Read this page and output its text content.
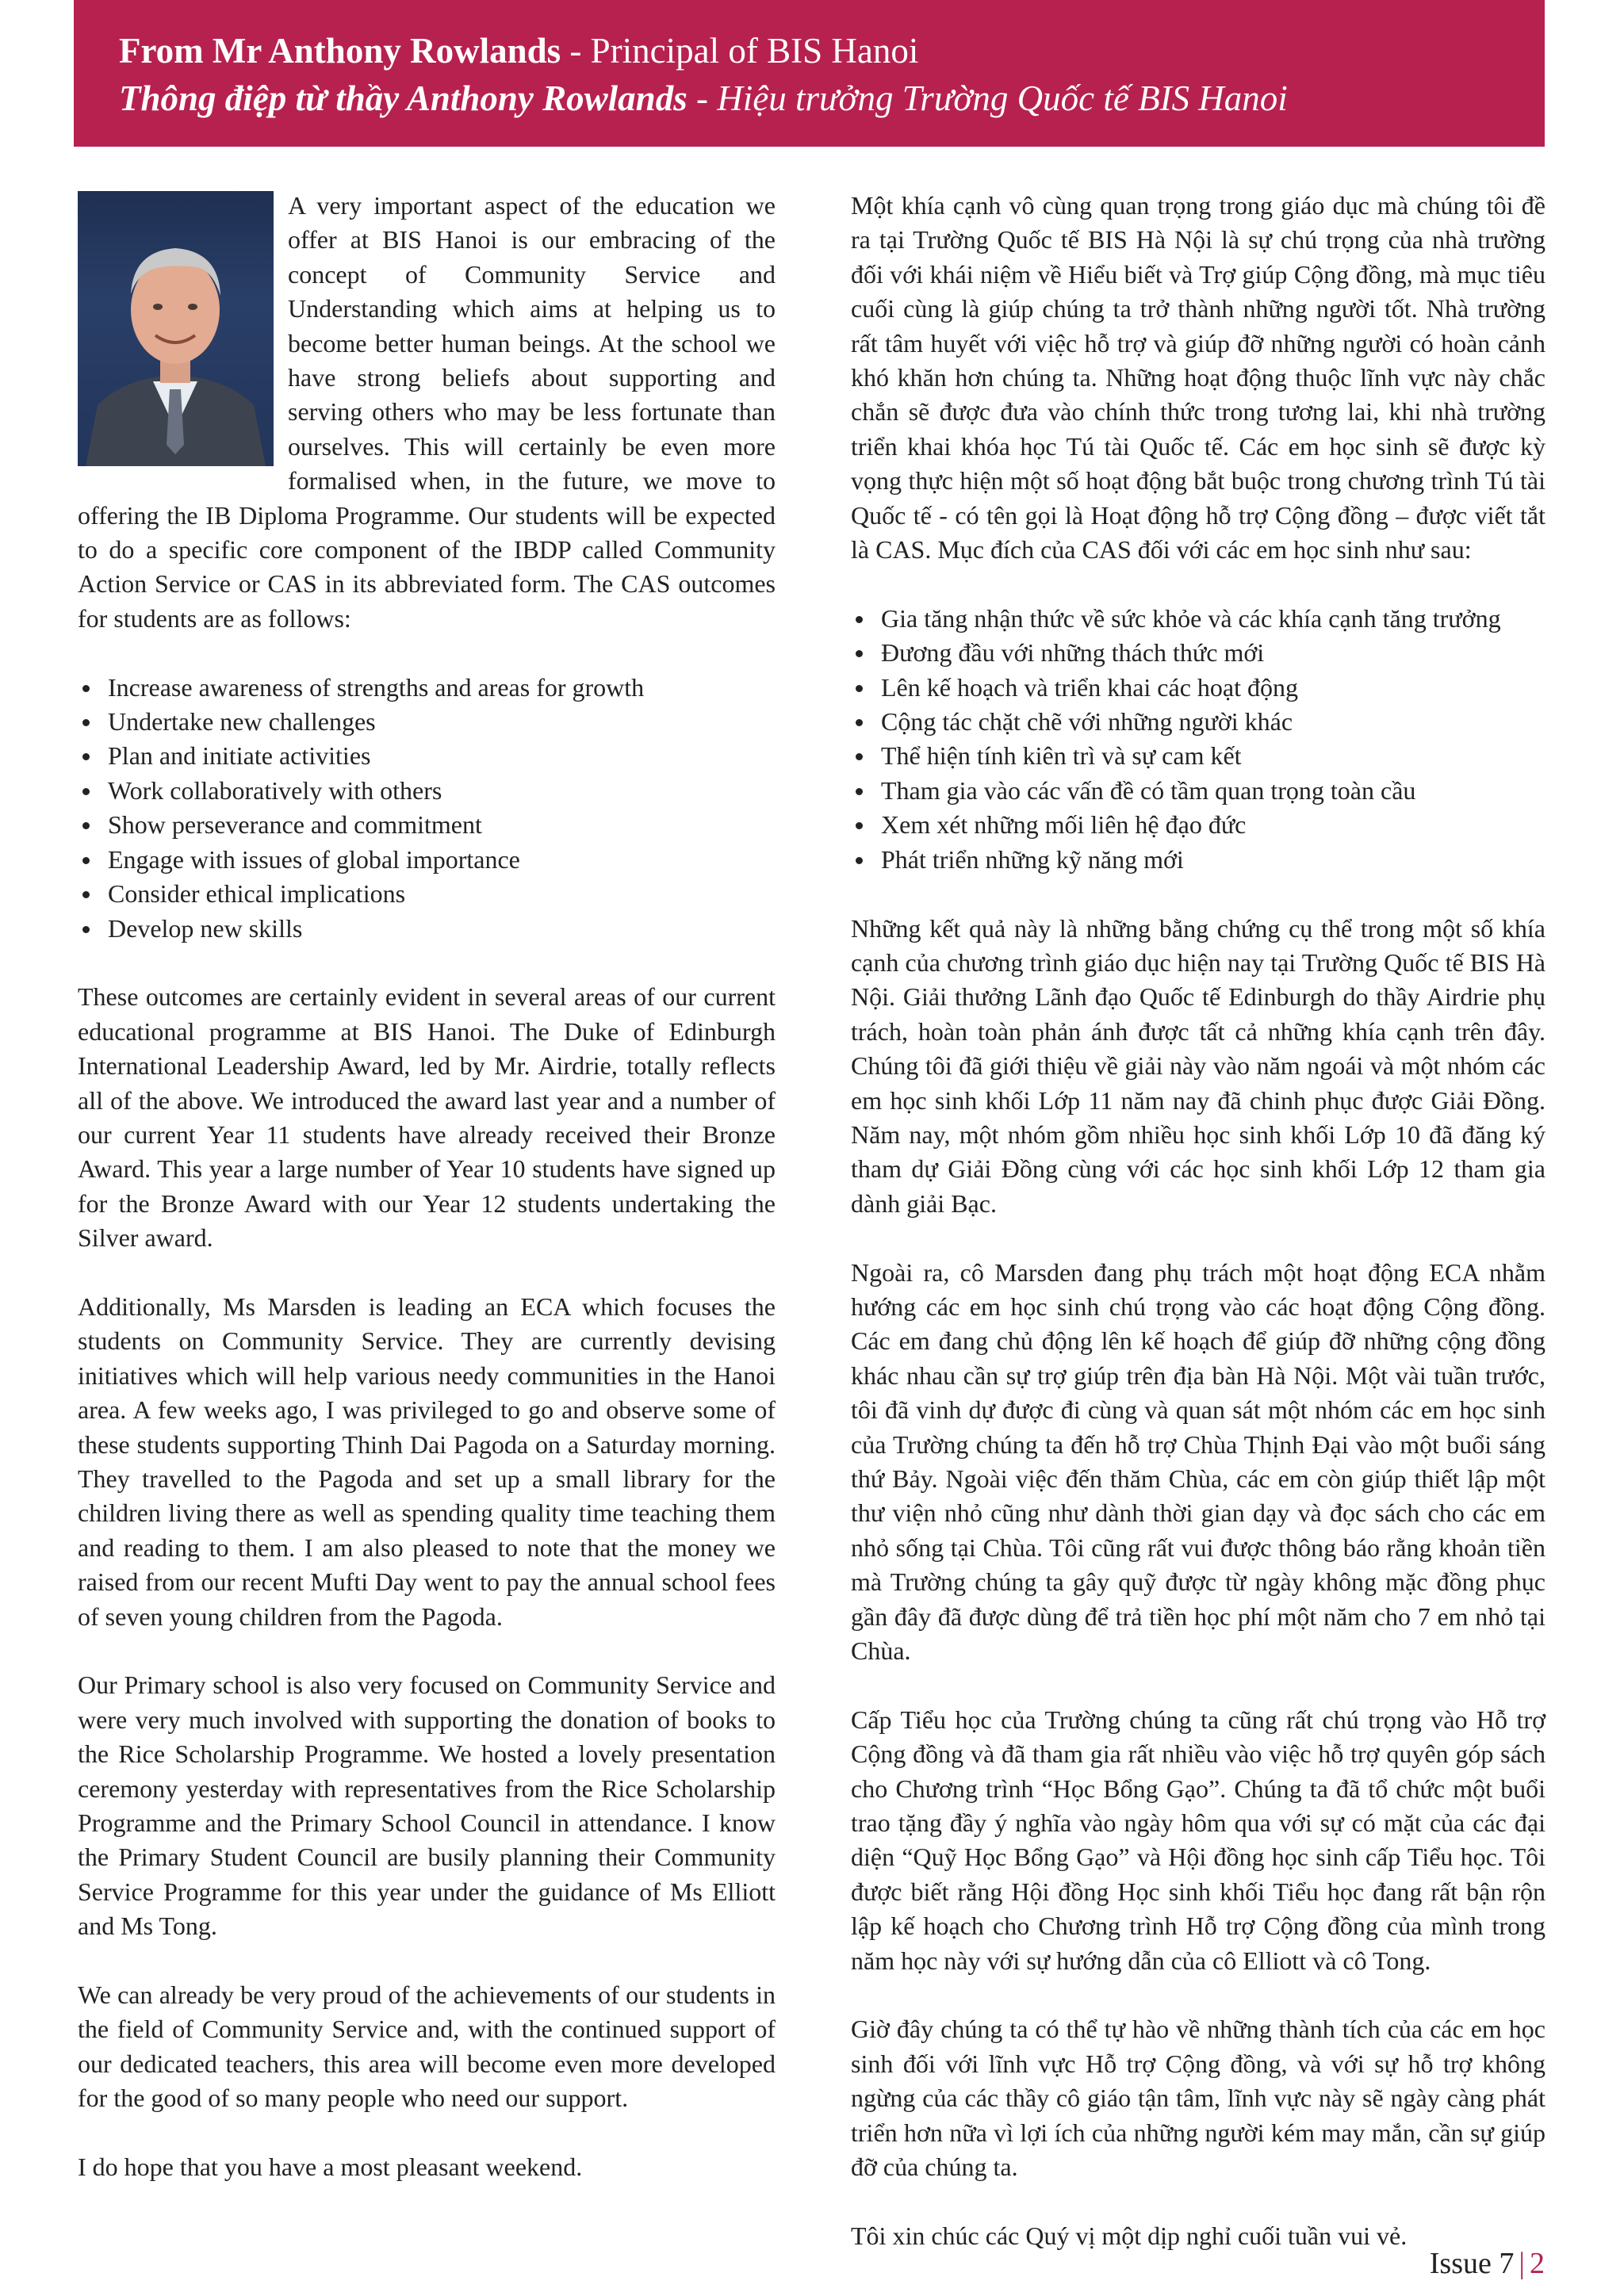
From Mr Anthony Rowlands - Principal of BIS Hanoi
Thông điệp từ thầy Anthony Rowlands - Hiệu trưởng Trường Quốc tế BIS Hanoi

A very important aspect of the education we offer at BIS Hanoi is our embracing of the concept of Community Service and Understanding which aims at helping us to become better human beings. At the school we have strong beliefs about supporting and serving others who may be less fortunate than ourselves. This will certainly be even more formalised when, in the future, we move to offering the IB Diploma Programme. Our students will be expected to do a specific core component of the IBDP called Community Action Service or CAS in its abbreviated form. The CAS outcomes for students are as follows:

Increase awareness of strengths and areas for growth
Undertake new challenges
Plan and initiate activities
Work collaboratively with others
Show perseverance and commitment
Engage with issues of global importance
Consider ethical implications
Develop new skills

These outcomes are certainly evident in several areas of our current educational programme at BIS Hanoi. The Duke of Edinburgh International Leadership Award, led by Mr. Airdrie, totally reflects all of the above. We introduced the award last year and a number of our current Year 11 students have already received their Bronze Award. This year a large number of Year 10 students have signed up for the Bronze Award with our Year 12 students undertaking the Silver award.

Additionally, Ms Marsden is leading an ECA which focuses the students on Community Service. They are currently devising initiatives which will help various needy communities in the Hanoi area. A few weeks ago, I was privileged to go and observe some of these students supporting Thinh Dai Pagoda on a Saturday morning. They travelled to the Pagoda and set up a small library for the children living there as well as spending quality time teaching them and reading to them. I am also pleased to note that the money we raised from our recent Mufti Day went to pay the annual school fees of seven young children from the Pagoda.

Our Primary school is also very focused on Community Service and were very much involved with supporting the donation of books to the Rice Scholarship Programme. We hosted a lovely presentation ceremony yesterday with representatives from the Rice Scholarship Programme and the Primary School Council in attendance. I know the Primary Student Council are busily planning their Community Service Programme for this year under the guidance of Ms Elliott and Ms Tong.

We can already be very proud of the achievements of our students in the field of Community Service and, with the continued support of our dedicated teachers, this area will become even more developed for the good of so many people who need our support.

I do hope that you have a most pleasant weekend.

Một khía cạnh vô cùng quan trọng trong giáo dục mà chúng tôi đề ra tại Trường Quốc tế BIS Hà Nội là sự chú trọng của nhà trường đối với khái niệm về Hiểu biết và Trợ giúp Cộng đồng, mà mục tiêu cuối cùng là giúp chúng ta trở thành những người tốt. Nhà trường rất tâm huyết với việc hỗ trợ và giúp đỡ những người có hoàn cảnh khó khăn hơn chúng ta. Những hoạt động thuộc lĩnh vực này chắc chắn sẽ được đưa vào chính thức trong tương lai, khi nhà trường triển khai khóa học Tú tài Quốc tế. Các em học sinh sẽ được kỳ vọng thực hiện một số hoạt động bắt buộc trong chương trình Tú tài Quốc tế - có tên gọi là Hoạt động hỗ trợ Cộng đồng – được viết tắt là CAS. Mục đích của CAS đối với các em học sinh như sau:

Gia tăng nhận thức về sức khỏe và các khía cạnh tăng trưởng
Đương đầu với những thách thức mới
Lên kế hoạch và triển khai các hoạt động
Cộng tác chặt chẽ với những người khác
Thể hiện tính kiên trì và sự cam kết
Tham gia vào các vấn đề có tầm quan trọng toàn cầu
Xem xét những mối liên hệ đạo đức
Phát triển những kỹ năng mới

Những kết quả này là những bằng chứng cụ thể trong một số khía cạnh của chương trình giáo dục hiện nay tại Trường Quốc tế BIS Hà Nội. Giải thưởng Lãnh đạo Quốc tế Edinburgh do thầy Airdrie phụ trách, hoàn toàn phản ánh được tất cả những khía cạnh trên đây. Chúng tôi đã giới thiệu về giải này vào năm ngoái và một nhóm các em học sinh khối Lớp 11 năm nay đã chinh phục được Giải Đồng. Năm nay, một nhóm gồm nhiều học sinh khối Lớp 10 đã đăng ký tham dự Giải Đồng cùng với các học sinh khối Lớp 12 tham gia dành giải Bạc.

Ngoài ra, cô Marsden đang phụ trách một hoạt động ECA nhằm hướng các em học sinh chú trọng vào các hoạt động Cộng đồng. Các em đang chủ động lên kế hoạch để giúp đỡ những cộng đồng khác nhau cần sự trợ giúp trên địa bàn Hà Nội. Một vài tuần trước, tôi đã vinh dự được đi cùng và quan sát một nhóm các em học sinh của Trường chúng ta đến hỗ trợ Chùa Thịnh Đại vào một buổi sáng thứ Bảy. Ngoài việc đến thăm Chùa, các em còn giúp thiết lập một thư viện nhỏ cũng như dành thời gian dạy và đọc sách cho các em nhỏ sống tại Chùa. Tôi cũng rất vui được thông báo rằng khoản tiền mà Trường chúng ta gây quỹ được từ ngày không mặc đồng phục gần đây đã được dùng để trả tiền học phí một năm cho 7 em nhỏ tại Chùa.

Cấp Tiểu học của Trường chúng ta cũng rất chú trọng vào Hỗ trợ Cộng đồng và đã tham gia rất nhiều vào việc hỗ trợ quyên góp sách cho Chương trình “Học Bổng Gạo”. Chúng ta đã tổ chức một buổi trao tặng đầy ý nghĩa vào ngày hôm qua với sự có mặt của các đại diện “Quỹ Học Bổng Gạo” và Hội đồng học sinh cấp Tiểu học. Tôi được biết rằng Hội đồng Học sinh khối Tiểu học đang rất bận rộn lập kế hoạch cho Chương trình Hỗ trợ Cộng đồng của mình trong năm học này với sự hướng dẫn của cô Elliott và cô Tong.

Giờ đây chúng ta có thể tự hào về những thành tích của các em học sinh đối với lĩnh vực Hỗ trợ Cộng đồng, và với sự hỗ trợ không ngừng của các thầy cô giáo tận tâm, lĩnh vực này sẽ ngày càng phát triển hơn nữa vì lợi ích của những người kém may mắn, cần sự giúp đỡ của chúng ta.

Tôi xin chúc các Quý vị một dịp nghỉ cuối tuần vui vẻ.

Issue 7 | 2
